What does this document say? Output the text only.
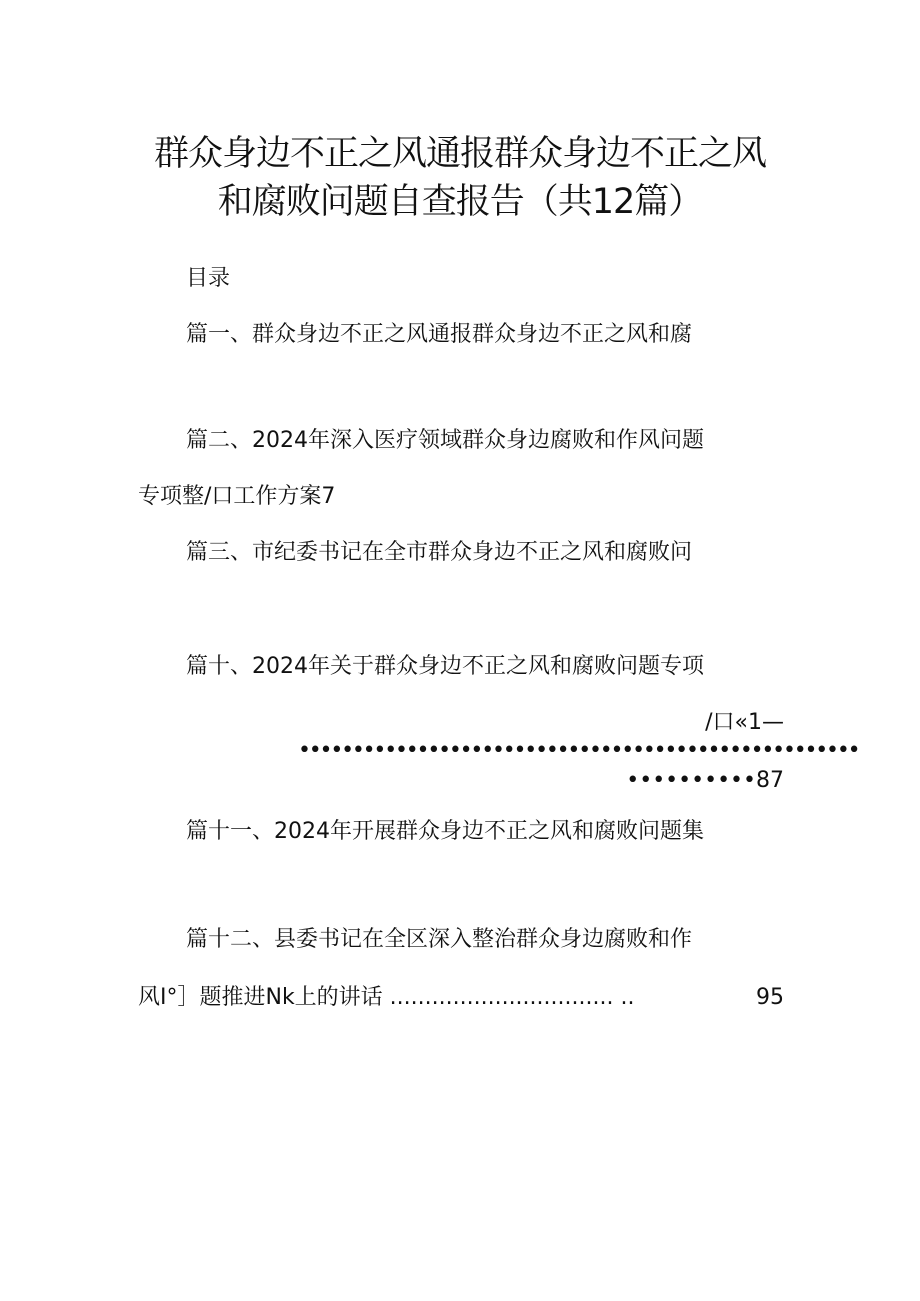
群众身边不正之风通报群众身边不正之风
和腐败问题自查报告（共12篇）
目录
篇一、群众身边不正之风通报群众身边不正之风和腐
篇二、2024年深入医疗领域群众身边腐败和作风问题
专项整/口工作方案7
篇三、市纪委书记在全市群众身边不正之风和腐败问
篇十、2024年关于群众身边不正之风和腐败问题专项
/口«1—
••••••••••••••••••••••••••••••••••••••••••••••••••••
••••••••••87
篇十一、2024年开展群众身边不正之风和腐败问题集
篇十二、县委书记在全区深入整治群众身边腐败和作
风I°］题推进Nk上的讲话 ................................ ..	95
